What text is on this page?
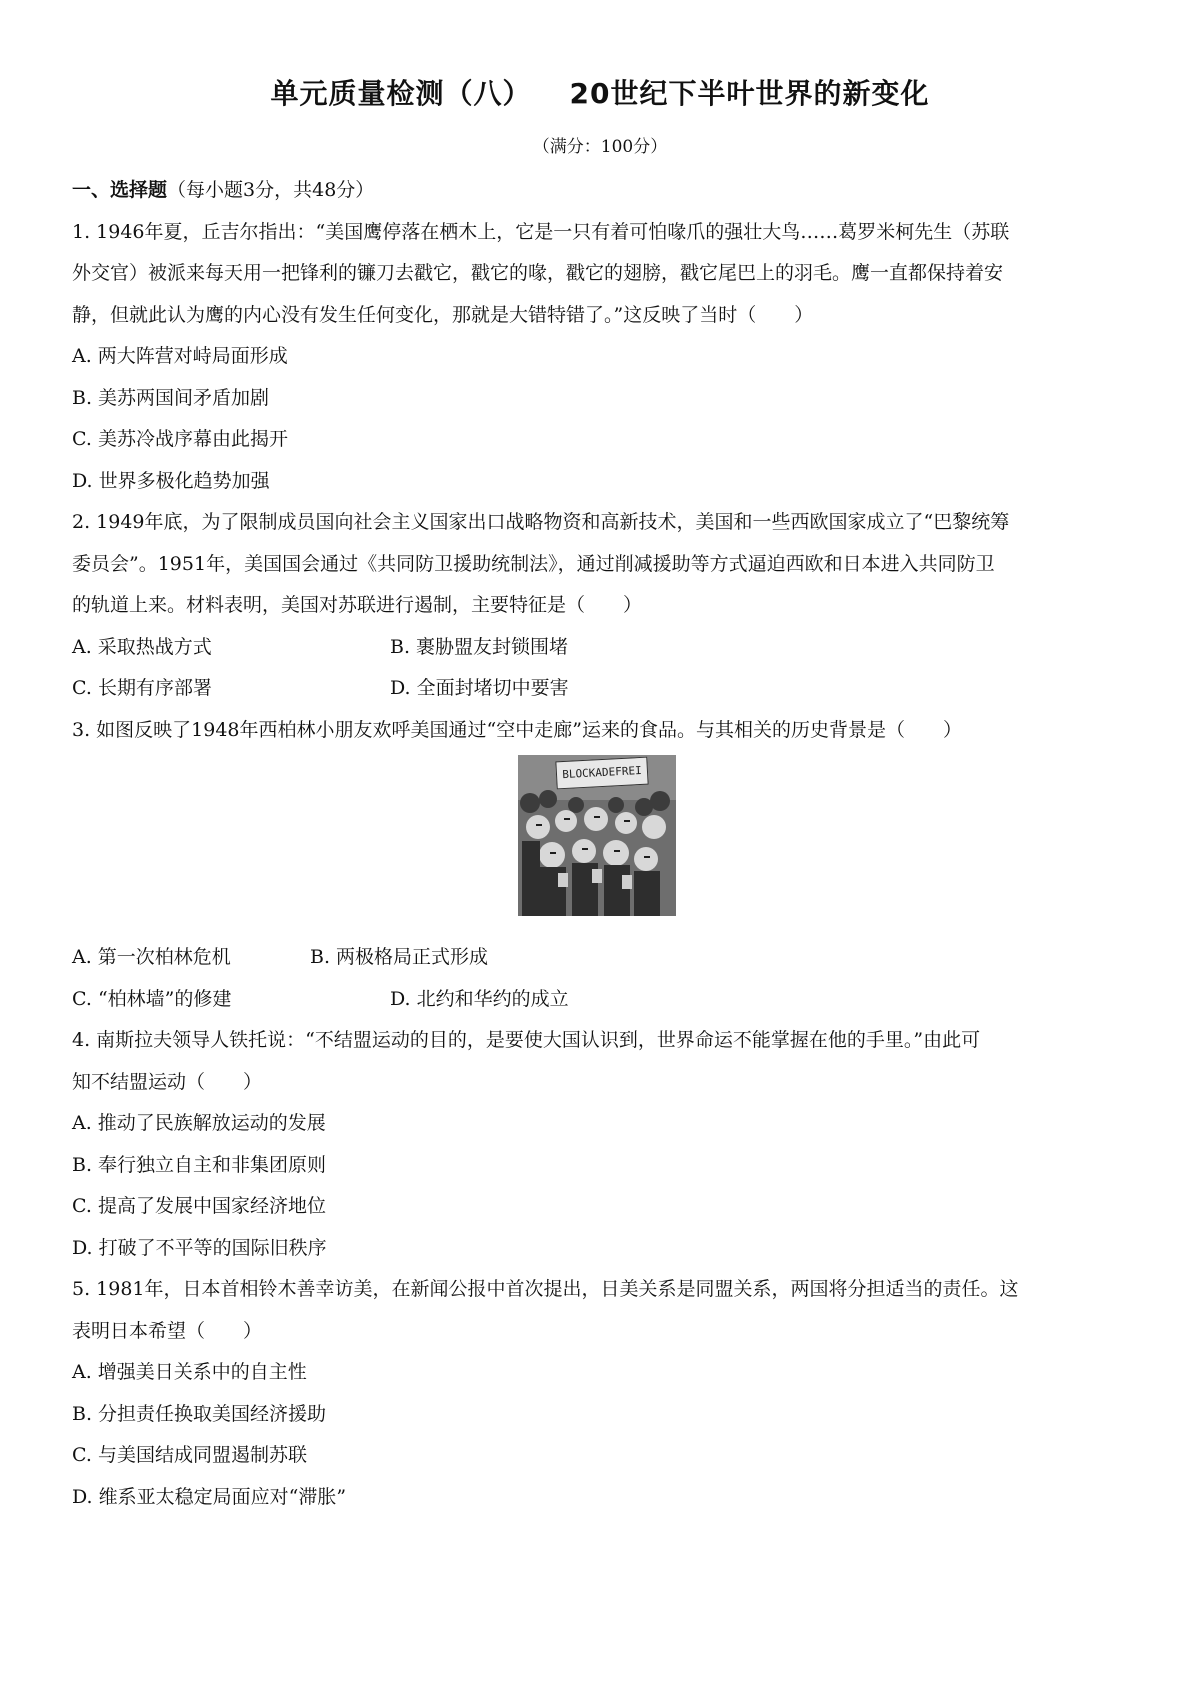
单元质量检测（八） 20世纪下半叶世界的新变化
（满分：100分）

一、选择题（每小题3分，共48分）

1. 1946年夏，丘吉尔指出：“美国鹰停落在栖木上，它是一只有着可怕喙爪的强壮大鸟……葛罗米柯先生（苏联

外交官）被派来每天用一把锋利的镰刀去戳它，戳它的喙，戳它的翅膀，戳它尾巴上的羽毛。鹰一直都保持着安

静，但就此认为鹰的内心没有发生任何变化，那就是大错特错了。”这反映了当时（　　）

A. 两大阵营对峙局面形成

B. 美苏两国间矛盾加剧

C. 美苏冷战序幕由此揭开

D. 世界多极化趋势加强

2. 1949年底，为了限制成员国向社会主义国家出口战略物资和高新技术，美国和一些西欧国家成立了“巴黎统筹

委员会”。1951年，美国国会通过《共同防卫援助统制法》，通过削减援助等方式逼迫西欧和日本进入共同防卫

的轨道上来。材料表明，美国对苏联进行遏制，主要特征是（　　）

A. 采取热战方式	B. 裹胁盟友封锁围堵
C. 长期有序部署	D. 全面封堵切中要害

3. 如图反映了1948年西柏林小朋友欢呼美国通过“空中走廊”运来的食品。与其相关的历史背景是（　　）

BLOCKADEFREI
A. 第一次柏林危机	B. 两极格局正式形成
C. “柏林墙”的修建	D. 北约和华约的成立

4. 南斯拉夫领导人铁托说：“不结盟运动的目的，是要使大国认识到，世界命运不能掌握在他的手里。”由此可

知不结盟运动（　　）

A. 推动了民族解放运动的发展

B. 奉行独立自主和非集团原则

C. 提高了发展中国家经济地位

D. 打破了不平等的国际旧秩序

5. 1981年，日本首相铃木善幸访美，在新闻公报中首次提出，日美关系是同盟关系，两国将分担适当的责任。这

表明日本希望（　　）

A. 增强美日关系中的自主性

B. 分担责任换取美国经济援助

C. 与美国结成同盟遏制苏联

D. 维系亚太稳定局面应对“滞胀”
